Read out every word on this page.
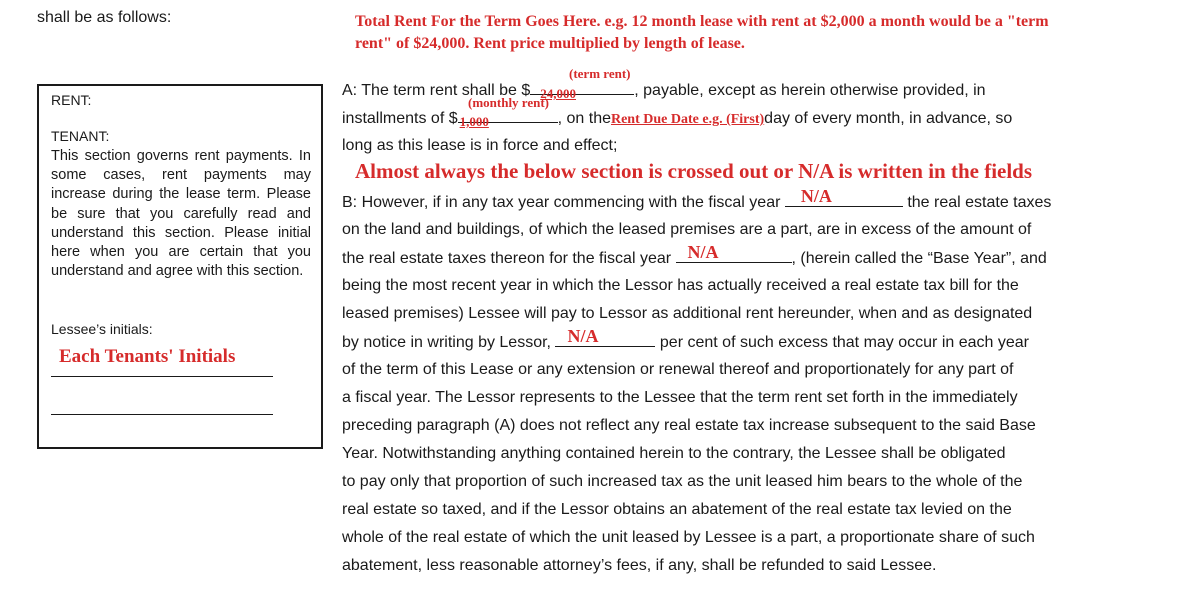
shall be as follows:	Total Rent For the Term Goes Here. e.g. 12 month lease with rent at $2,000 a month would be a "term rent" of $24,000. Rent price multiplied by length of lease.
RENT:
TENANT:
This section governs rent payments. In some cases, rent payments may increase during the lease term. Please be sure that you carefully read and understand this section. Please initial here when you are certain that you understand and agree with this section.
Lessee’s initials:
Each Tenants' Initials
(term rent)
(monthly rent)
A: The term rent shall be $ 24,000	, payable, except as herein otherwise provided, in
installments of $ 1,000	, on theRent Due Date e.g. (First)day of every month, in advance, so
long as this lease is in force and effect;
Almost always the below section is crossed out or N/A is written in the fields
B: However, if in any tax year commencing with the fiscal year N/A	the real estate taxes
on the land and buildings, of which the leased premises are a part, are in excess of the amount of
the real estate taxes thereon for the fiscal year N/A	, (herein called the “Base Year”, and
being the most recent year in which the Lessor has actually received a real estate tax bill for the
leased premises) Lessee will pay to Lessor as additional rent hereunder, when and as designated
by notice in writing by Lessor, N/A	per cent of such excess that may occur in each year
of the term of this Lease or any extension or renewal thereof and proportionately for any part of
a fiscal year. The Lessor represents to the Lessee that the term rent set forth in the immediately
preceding paragraph (A) does not reflect any real estate tax increase subsequent to the said Base
Year. Notwithstanding anything contained herein to the contrary, the Lessee shall be obligated
to pay only that proportion of such increased tax as the unit leased him bears to the whole of the
real estate so taxed, and if the Lessor obtains an abatement of the real estate tax levied on the
whole of the real estate of which the unit leased by Lessee is a part, a proportionate share of such
abatement, less reasonable attorney’s fees, if any, shall be refunded to said Lessee.
